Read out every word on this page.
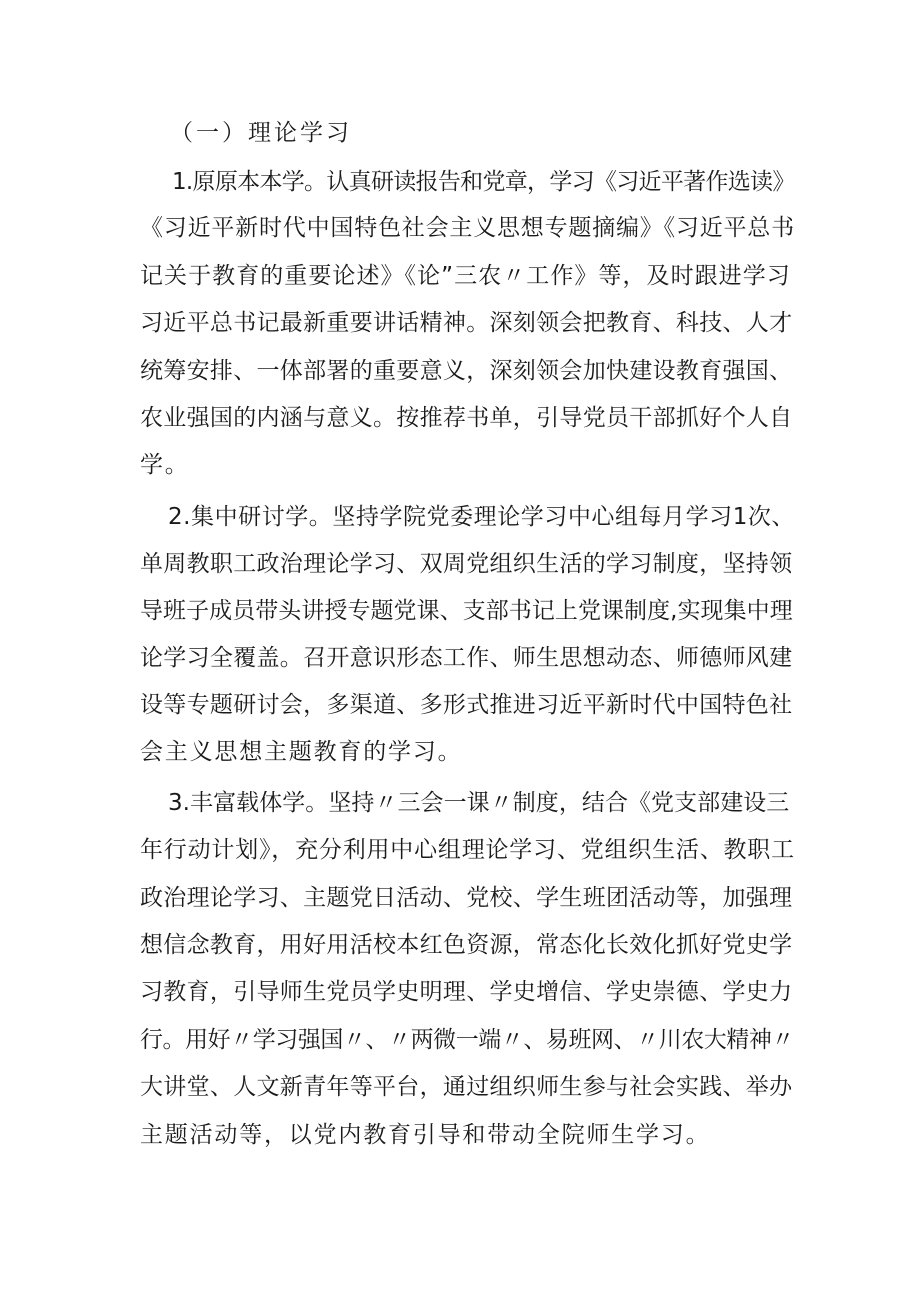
（一）理论学习
1.原原本本学。认真研读报告和党章，学习《习近平著作选读》
《习近平新时代中国特色社会主义思想专题摘编》《习近平总书
记关于教育的重要论述》《论”三农〃工作》等，及时跟进学习
习近平总书记最新重要讲话精神。深刻领会把教育、科技、人才
统筹安排、一体部署的重要意义，深刻领会加快建设教育强国、
农业强国的内涵与意义。按推荐书单，引导党员干部抓好个人自
学。
2.集中研讨学。坚持学院党委理论学习中心组每月学习1次、
单周教职工政治理论学习、双周党组织生活的学习制度，坚持领
导班子成员带头讲授专题党课、支部书记上党课制度,实现集中理
论学习全覆盖。召开意识形态工作、师生思想动态、师德师风建
设等专题研讨会，多渠道、多形式推进习近平新时代中国特色社
会主义思想主题教育的学习。
3.丰富载体学。坚持〃三会一课〃制度，结合《党支部建设三
年行动计划》，充分利用中心组理论学习、党组织生活、教职工
政治理论学习、主题党日活动、党校、学生班团活动等，加强理
想信念教育，用好用活校本红色资源，常态化长效化抓好党史学
习教育，引导师生党员学史明理、学史增信、学史崇德、学史力
行。用好〃学习强国〃、〃两微一端〃、易班网、〃川农大精神〃
大讲堂、人文新青年等平台，通过组织师生参与社会实践、举办
主题活动等，以党内教育引导和带动全院师生学习。
